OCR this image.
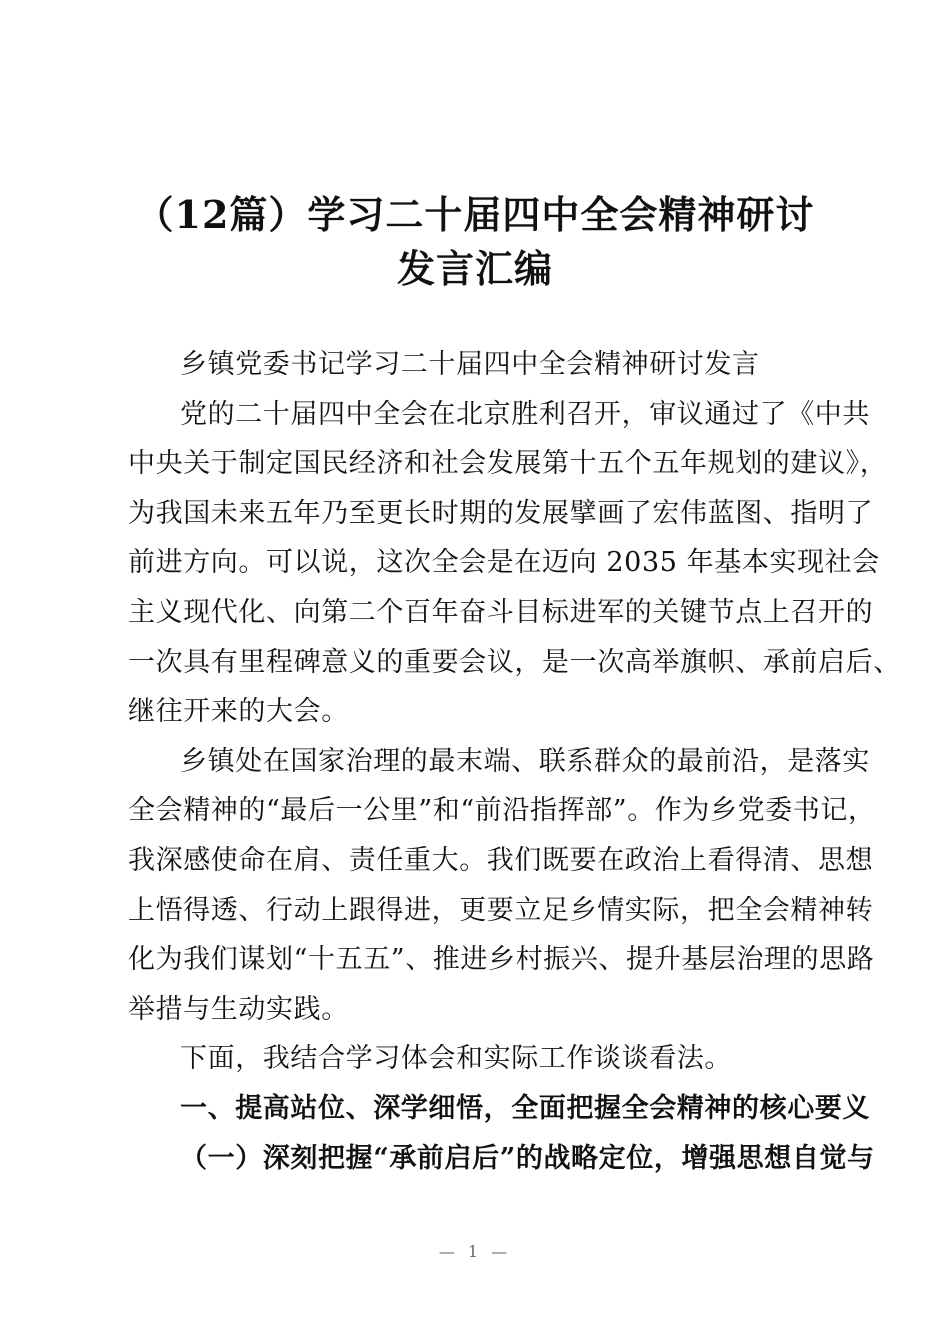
（12篇）学习二十届四中全会精神研讨
发言汇编
乡镇党委书记学习二十届四中全会精神研讨发言
党的二十届四中全会在北京胜利召开，审议通过了《中共
中央关于制定国民经济和社会发展第十五个五年规划的建议》，
为我国未来五年乃至更长时期的发展擘画了宏伟蓝图、指明了
前进方向。可以说，这次全会是在迈向 2035 年基本实现社会
主义现代化、向第二个百年奋斗目标进军的关键节点上召开的
一次具有里程碑意义的重要会议，是一次高举旗帜、承前启后、
继往开来的大会。
乡镇处在国家治理的最末端、联系群众的最前沿，是落实
全会精神的“最后一公里”和“前沿指挥部”。作为乡党委书记，
我深感使命在肩、责任重大。我们既要在政治上看得清、思想
上悟得透、行动上跟得进，更要立足乡情实际，把全会精神转
化为我们谋划“十五五”、推进乡村振兴、提升基层治理的思路
举措与生动实践。
下面，我结合学习体会和实际工作谈谈看法。
一、提高站位、深学细悟，全面把握全会精神的核心要义
（一）深刻把握“承前启后”的战略定位，增强思想自觉与
— 1 —
